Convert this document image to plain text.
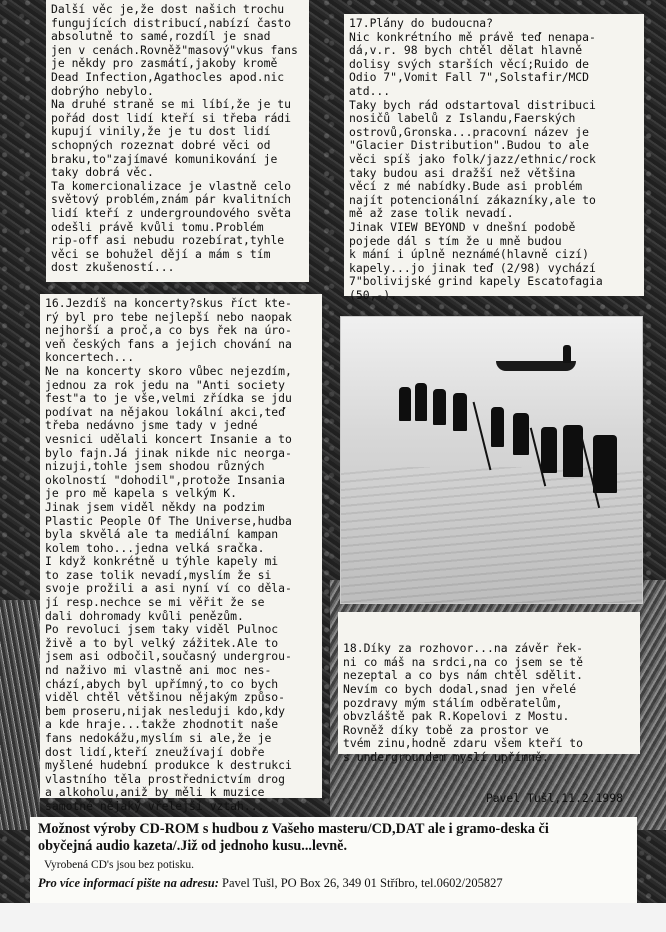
Další věc je,že dost našich trochu
fungujících distribucí,nabízí často
absolutně to samé,rozdíl je snad
jen v cenách.Rovněž"masový"vkus fans
je někdy pro zasmátí,jakoby kromě
Dead Infection,Agathocles apod.nic
dobrýho nebylo.
Na druhé straně se mi líbí,že je tu
pořád dost lidí kteří si třeba rádi
kupují vinily,že je tu dost lidí
schopných rozeznat dobré věci od
braku,to"zajímavé komunikování je
taky dobrá věc.
Ta komercionalizace je vlastně celo
světový problém,znám pár kvalitních
lidí kteří z undergroundového světa
odešli právě kvůli tomu.Problém
rip-off asi nebudu rozebírat,tyhle
věci se bohužel dějí a mám s tím
dost zkušeností...
17.Plány do budoucna?
Nic konkrétního mě právě teď nenapa-
dá,v.r. 98 bych chtěl dělat hlavně
dolisy svých starších věcí;Ruido de
Odio 7",Vomit Fall 7",Solstafir/MCD
atd...
Taky bych rád odstartoval distribuci
nosičů labelů z Islandu,Faerských
ostrovů,Gronska...pracovní název je
"Glacier Distribution".Budou to ale
věci spíš jako folk/jazz/ethnic/rock
taky budou asi dražší než většina
věcí z mé nabídky.Bude asi problém
najít potencionální zákazníky,ale to
mě až zase tolik nevadí.
Jinak VIEW BEYOND v dnešní podobě
pojede dál s tím že u mně budou
k mání i úplně neznámé(hlavně cizí)
kapely...jo jinak teď (2/98) vychází
7"bolivijské grind kapely Escatofagia
(50,-).
16.Jezdíš na koncerty?skus říct kte-
rý byl pro tebe nejlepší nebo naopak
nejhorší a proč,a co bys řek na úro-
veň českých fans a jejich chování na
koncertech...
Ne na koncerty skoro vůbec nejezdím,
jednou za rok jedu na "Anti society
fest"a to je vše,velmi zřídka se jdu
podívat na nějakou lokální akci,teď
třeba nedávno jsme tady v jedné
vesnici udělali koncert Insanie a to
bylo fajn.Já jinak nikde nic neorga-
nizuji,tohle jsem shodou různých
okolností "dohodil",protože Insania
je pro mě kapela s velkým K.
Jinak jsem viděl někdy na podzim
Plastic People Of The Universe,hudba
byla skvělá ale ta mediální kampan
kolem toho...jedna velká sračka.
I když konkrétně u týhle kapely mi
to zase tolik nevadí,myslím že si
svoje prožili a asi nyní ví co děla-
jí resp.nechce se mi věřit že se
dali dohromady kvůli penězům.
Po revoluci jsem taky viděl Pulnoc
živě a to byl velký zážitek.Ale to
jsem asi odbočil,současný undergrou-
nd naživo mi vlastně ani moc nes-
chází,abych byl upřímný,to co bych
viděl chtěl většinou nějakým způso-
bem proseru,nijak nesleduji kdo,kdy
a kde hraje...takže zhodnotit naše
fans nedokážu,myslím si ale,že je
dost lidí,kteří zneužívají dobře
myšlené hudební produkce k destrukci
vlastního těla prostřednictvím drog
a alkoholu,aniž by měli k muzice
samotné nějaký vřelejší vztah...

18.Díky za rozhovor...na závěr řek-
ni co máš na srdci,na co jsem se tě
nezeptal a co bys nám chtěl sdělit.
Nevím co bych dodal,snad jen vřelé
pozdravy mým stálím odběratelům,
obvzláště pak R.Kopelovi z Mostu.
Rovněž díky tobě za prostor ve
tvém zinu,hodně zdaru všem kteří to
s undergroundem myslí upřímně.

Pavel Tušl,11.2.1998

Možnost výroby CD-ROM s hudbou z Vašeho masteru/CD,DAT ale i gramo-deska či
obyčejná audio kazeta/.Již od jednoho kusu...levně.
Vyrobená CD's jsou bez potisku.
Pro více informací pište na adresu: Pavel Tušl, PO Box 26, 349 01 Stříbro, tel.0602/205827
